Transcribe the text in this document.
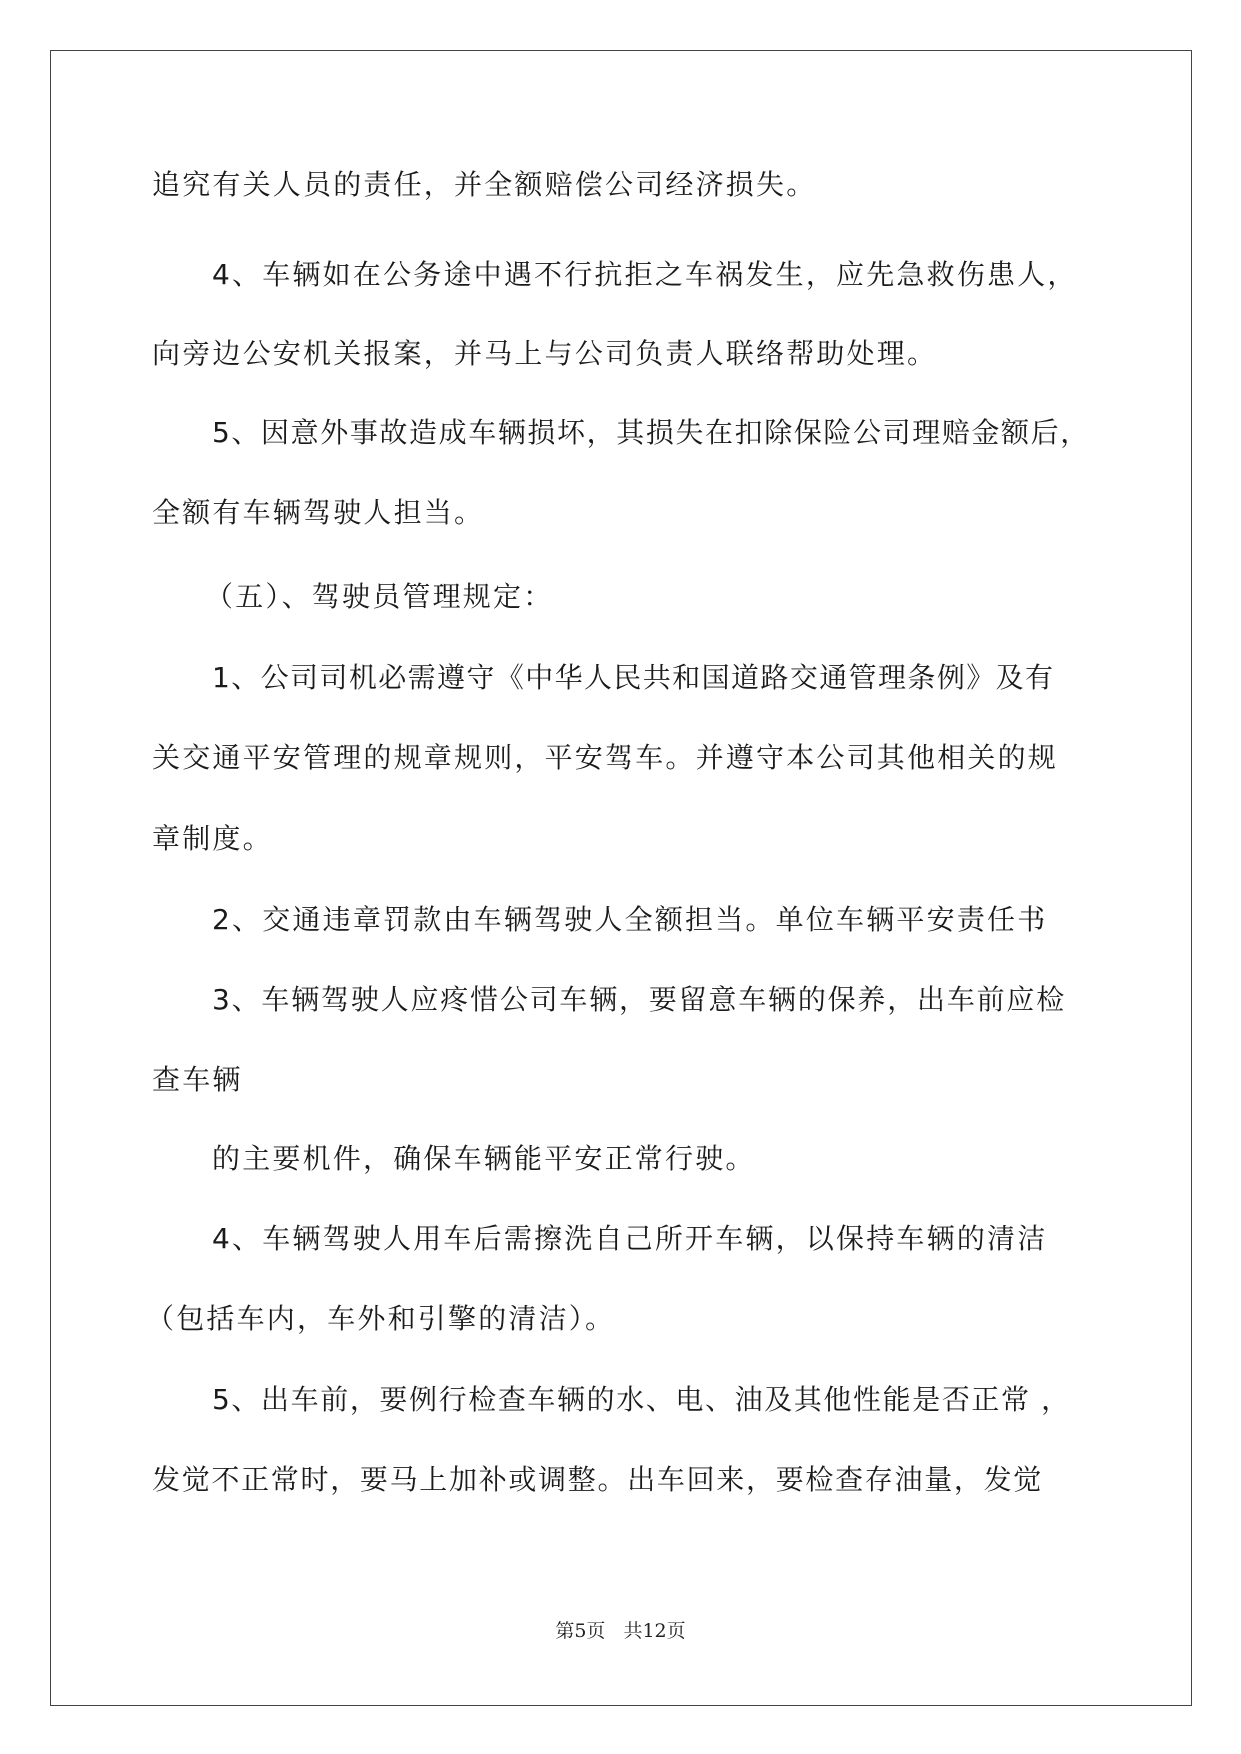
追究有关人员的责任，并全额赔偿公司经济损失。
4、车辆如在公务途中遇不行抗拒之车祸发生，应先急救伤患人，
向旁边公安机关报案，并马上与公司负责人联络帮助处理。
5、因意外事故造成车辆损坏，其损失在扣除保险公司理赔金额后，
全额有车辆驾驶人担当。
（五）、驾驶员管理规定：
1、公司司机必需遵守《中华人民共和国道路交通管理条例》及有
关交通平安管理的规章规则，平安驾车。并遵守本公司其他相关的规
章制度。
2、交通违章罚款由车辆驾驶人全额担当。单位车辆平安责任书
3、车辆驾驶人应疼惜公司车辆，要留意车辆的保养，出车前应检
查车辆
的主要机件，确保车辆能平安正常行驶。
4、车辆驾驶人用车后需擦洗自己所开车辆，以保持车辆的清洁
（包括车内，车外和引擎的清洁）。
5、出车前，要例行检查车辆的水、电、油及其他性能是否正常 ，
发觉不正常时，要马上加补或调整。出车回来，要检查存油量，发觉
第5页 共12页
